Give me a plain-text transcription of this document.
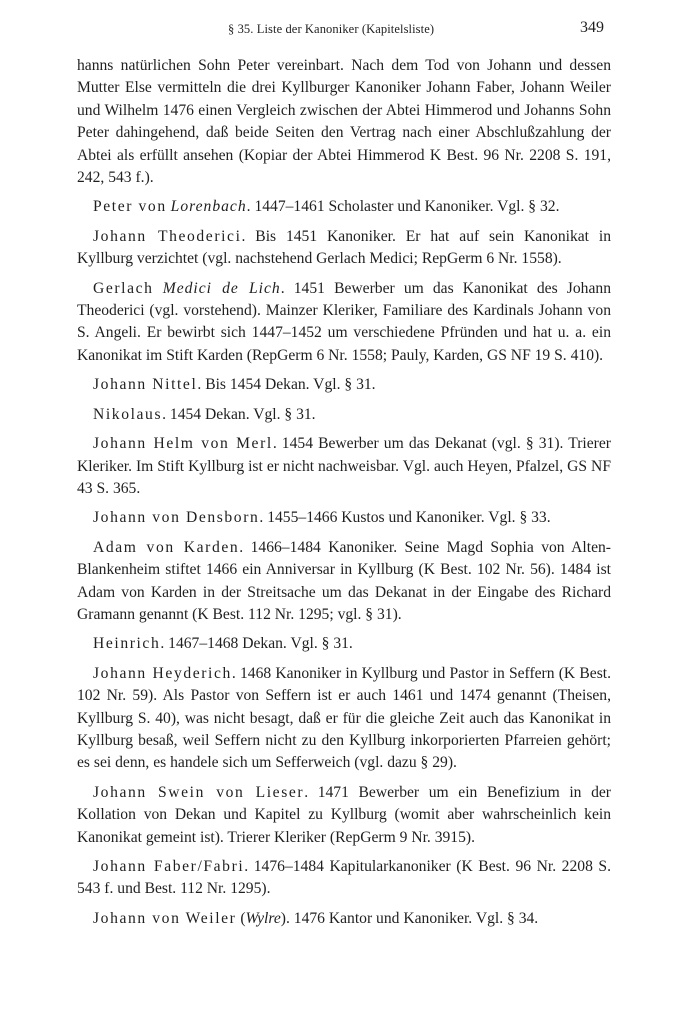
§ 35. Liste der Kanoniker (Kapitelsliste)	349

hanns natürlichen Sohn Peter vereinbart. Nach dem Tod von Johann und dessen Mutter Else vermitteln die drei Kyllburger Kanoniker Johann Faber, Johann Weiler und Wilhelm 1476 einen Vergleich zwischen der Abtei Himmerod und Johanns Sohn Peter dahingehend, daß beide Seiten den Vertrag nach einer Abschlußzahlung der Abtei als erfüllt ansehen (Kopiar der Abtei Himmerod K Best. 96 Nr. 2208 S. 191, 242, 543 f.).

Peter von Lorenbach. 1447–1461 Scholaster und Kanoniker. Vgl. § 32.

Johann Theoderici. Bis 1451 Kanoniker. Er hat auf sein Kanonikat in Kyllburg verzichtet (vgl. nachstehend Gerlach Medici; RepGerm 6 Nr. 1558).

Gerlach Medici de Lich. 1451 Bewerber um das Kanonikat des Johann Theoderici (vgl. vorstehend). Mainzer Kleriker, Familiare des Kardinals Johann von S. Angeli. Er bewirbt sich 1447–1452 um verschiedene Pfründen und hat u. a. ein Kanonikat im Stift Karden (RepGerm 6 Nr. 1558; Pauly, Karden, GS NF 19 S. 410).

Johann Nittel. Bis 1454 Dekan. Vgl. § 31.

Nikolaus. 1454 Dekan. Vgl. § 31.

Johann Helm von Merl. 1454 Bewerber um das Dekanat (vgl. § 31). Trierer Kleriker. Im Stift Kyllburg ist er nicht nachweisbar. Vgl. auch Heyen, Pfalzel, GS NF 43 S. 365.

Johann von Densborn. 1455–1466 Kustos und Kanoniker. Vgl. § 33.

Adam von Karden. 1466–1484 Kanoniker. Seine Magd Sophia von Alten-Blankenheim stiftet 1466 ein Anniversar in Kyllburg (K Best. 102 Nr. 56). 1484 ist Adam von Karden in der Streitsache um das Dekanat in der Eingabe des Richard Gramann genannt (K Best. 112 Nr. 1295; vgl. § 31).

Heinrich. 1467–1468 Dekan. Vgl. § 31.

Johann Heyderich. 1468 Kanoniker in Kyllburg und Pastor in Seffern (K Best. 102 Nr. 59). Als Pastor von Seffern ist er auch 1461 und 1474 genannt (Theisen, Kyllburg S. 40), was nicht besagt, daß er für die gleiche Zeit auch das Kanonikat in Kyllburg besaß, weil Seffern nicht zu den Kyllburg inkorporierten Pfarreien gehört; es sei denn, es handele sich um Sefferweich (vgl. dazu § 29).

Johann Swein von Lieser. 1471 Bewerber um ein Benefizium in der Kollation von Dekan und Kapitel zu Kyllburg (womit aber wahrscheinlich kein Kanonikat gemeint ist). Trierer Kleriker (RepGerm 9 Nr. 3915).

Johann Faber/Fabri. 1476–1484 Kapitularkanoniker (K Best. 96 Nr. 2208 S. 543 f. und Best. 112 Nr. 1295).

Johann von Weiler (Wylre). 1476 Kantor und Kanoniker. Vgl. § 34.
